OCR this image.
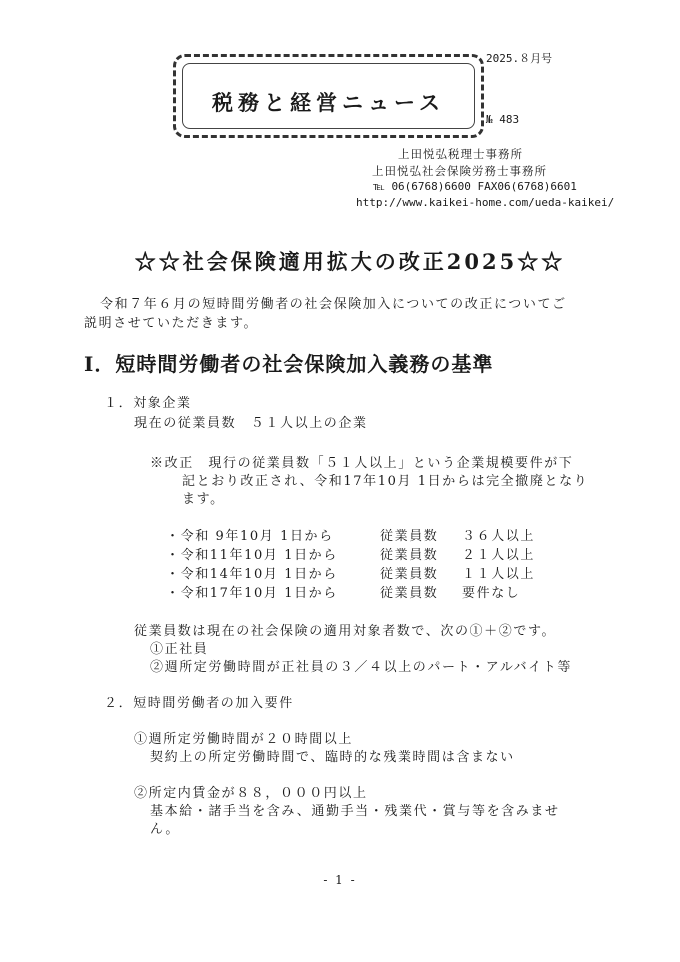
税務と経営ニュース
2025.８月号
№ 483
上田悦弘税理士事務所
上田悦弘社会保険労務士事務所
℡ 06(6768)6600 FAX06(6768)6601
http://www.kaikei-home.com/ueda-kaikei/
☆☆社会保険適用拡大の改正2025☆☆
令和７年６月の短時間労働者の社会保険加入についての改正についてご
説明させていただきます。
Ⅰ．短時間労働者の社会保険加入義務の基準
１．対象企業
現在の従業員数　５１人以上の企業
※改正　現行の従業員数「５１人以上」という企業規模要件が下
記とおり改正され、令和17年10月 1日からは完全撤廃となり
ます。
・令和 9年10月 1日から	従業員数 ３６人以上
・令和11年10月 1日から	従業員数 ２１人以上
・令和14年10月 1日から	従業員数 １１人以上
・令和17年10月 1日から	従業員数 要件なし
従業員数は現在の社会保険の適用対象者数で、次の①＋②です。
①正社員
②週所定労働時間が正社員の３／４以上のパート・アルバイト等
２．短時間労働者の加入要件
①週所定労働時間が２０時間以上
契約上の所定労働時間で、臨時的な残業時間は含まない
②所定内賃金が８８，０００円以上
基本給・諸手当を含み、通勤手当・残業代・賞与等を含みませ
ん。
- 1 -
